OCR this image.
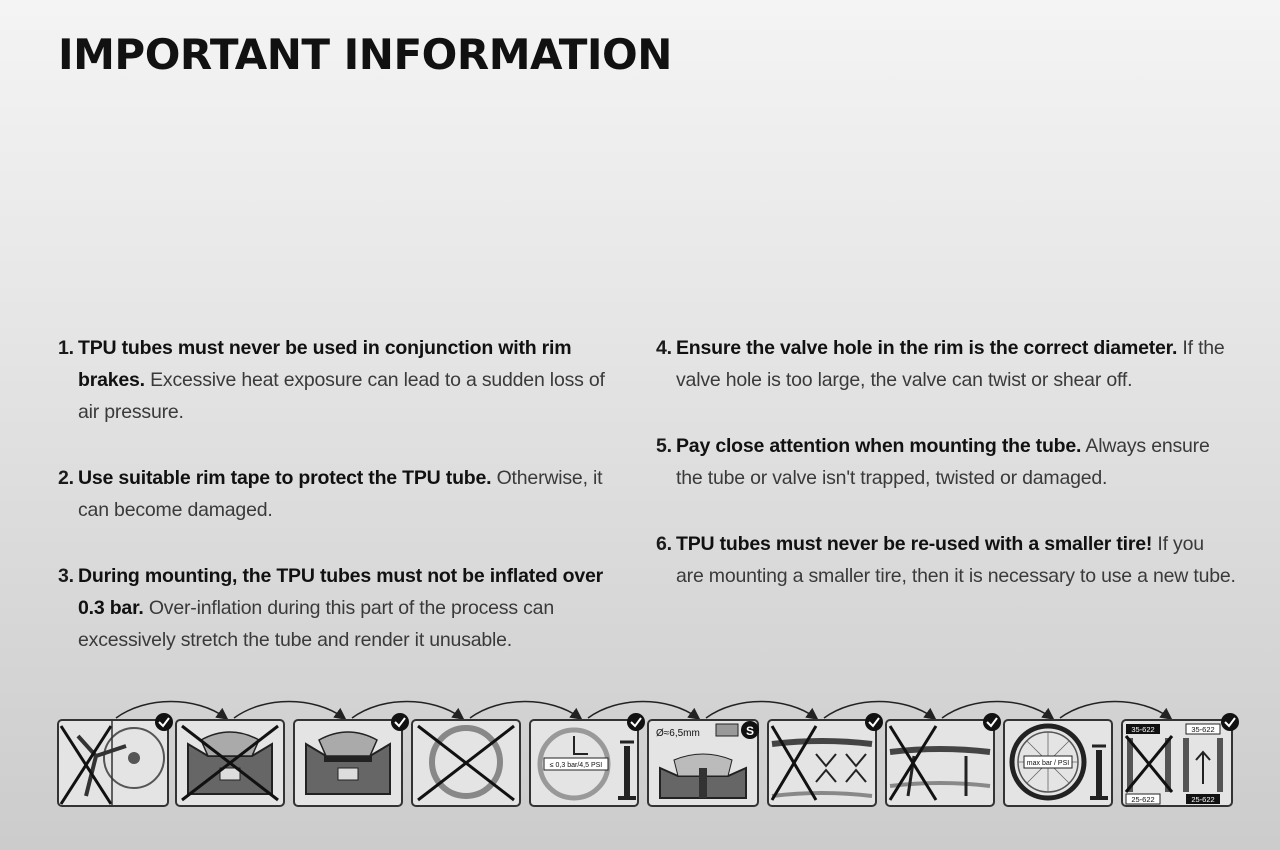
IMPORTANT INFORMATION
1. TPU tubes must never be used in conjunction with rim brakes. Excessive heat exposure can lead to a sudden loss of air pressure.
2. Use suitable rim tape to protect the TPU tube. Otherwise, it can become damaged.
3. During mounting, the TPU tubes must not be inflated over 0.3 bar. Over-inflation during this part of the process can excessively stretch the tube and render it unusable.
4. Ensure the valve hole in the rim is the correct diameter. If the valve hole is too large, the valve can twist or shear off.
5. Pay close attention when mounting the tube. Always ensure the tube or valve isn't trapped, twisted or damaged.
6. TPU tubes must never be re-used with a smaller tire! If you are mounting a smaller tire, then it is necessary to use a new tube.
≤ 0,3 bar/4,5 PSI
Ø≈6,5mm	S
max bar / PSI
35-622	35-622
25-622	25-622
